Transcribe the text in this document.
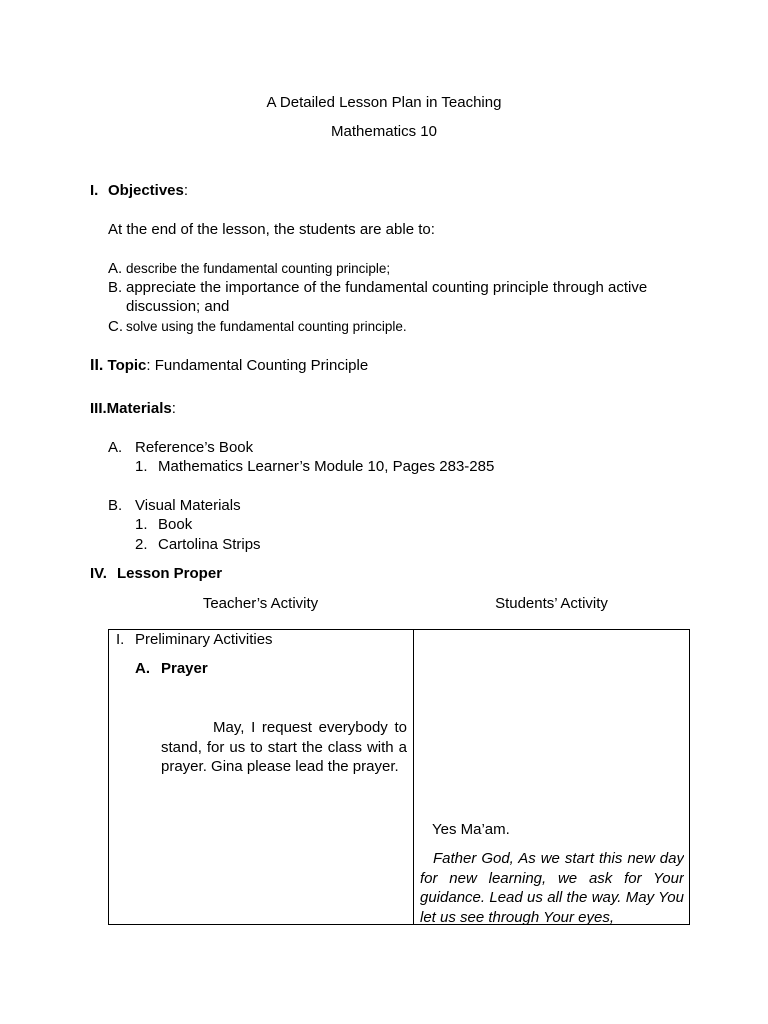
A Detailed Lesson Plan in Teaching
Mathematics 10
I. Objectives:
At the end of the lesson, the students are able to:
A. describe the fundamental counting principle;
B. appreciate the importance of the fundamental counting principle through active
discussion; and
C. solve using the fundamental counting principle.
II. Topic: Fundamental Counting Principle
III.Materials:
A. Reference’s Book
1. Mathematics Learner’s Module 10, Pages 283-285
B. Visual Materials
1. Book
2. Cartolina Strips
IV. Lesson Proper
Teacher’s Activity	Students’ Activity
I. Preliminary Activities
A. Prayer
May, I request everybody to stand, for us to start the class with a prayer. Gina please lead the prayer.
Yes Ma’am.
Father God, As we start this new day for new learning, we ask for Your guidance. Lead us all the way. May You let us see through Your eyes,
